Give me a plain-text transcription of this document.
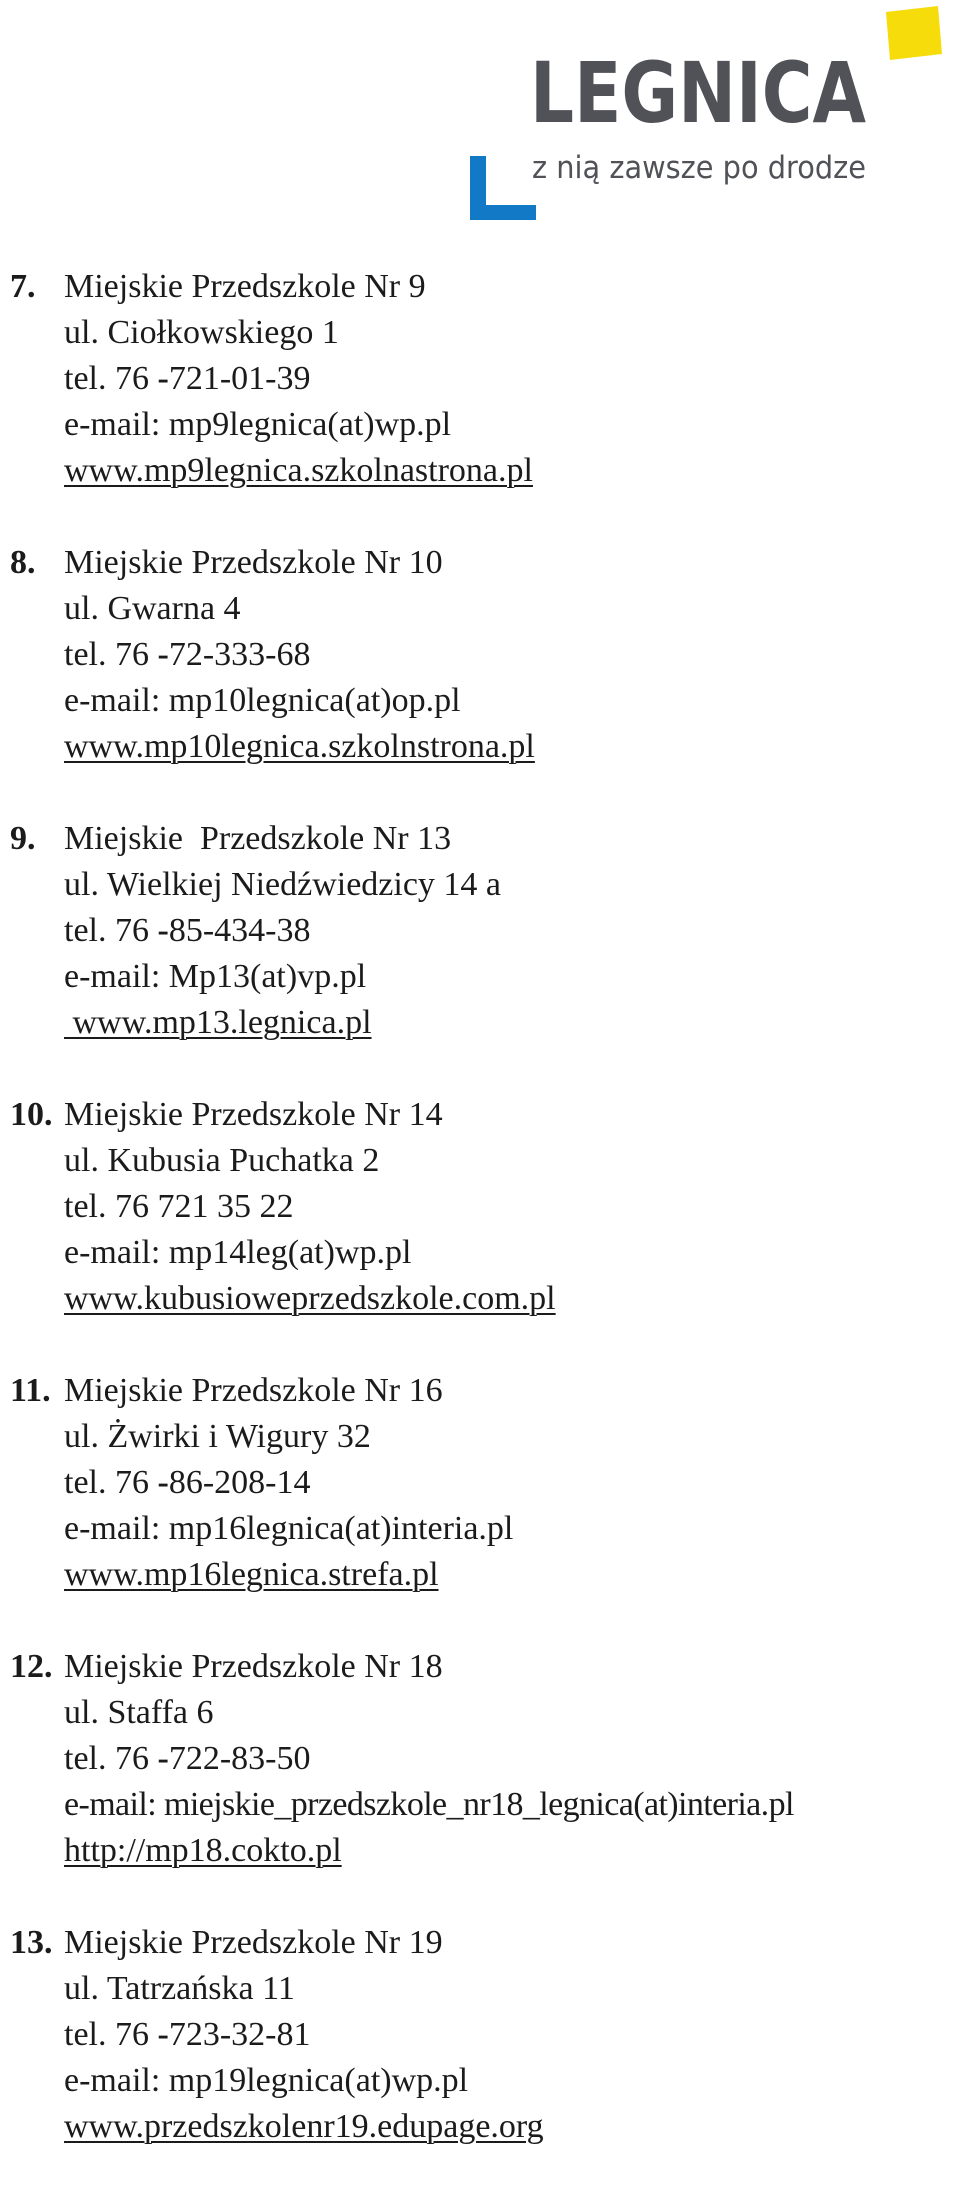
LEGNICA
z nią zawsze po drodze
7. Miejskie Przedszkole Nr 9
ul. Ciołkowskiego 1
tel. 76 -721-01-39
e-mail: mp9legnica(at)wp.pl
www.mp9legnica.szkolnastrona.pl
8. Miejskie Przedszkole Nr 10
ul. Gwarna 4
tel. 76 -72-333-68
e-mail: mp10legnica(at)op.pl
www.mp10legnica.szkolnstrona.pl
9. Miejskie  Przedszkole Nr 13
ul. Wielkiej Niedźwiedzicy 14 a
tel. 76 -85-434-38
e-mail: Mp13(at)vp.pl
www.mp13.legnica.pl
10. Miejskie Przedszkole Nr 14
ul. Kubusia Puchatka 2
tel. 76 721 35 22
e-mail: mp14leg(at)wp.pl
www.kubusioweprzedszkole.com.pl
11. Miejskie Przedszkole Nr 16
ul. Żwirki i Wigury 32
tel. 76 -86-208-14
e-mail: mp16legnica(at)interia.pl
www.mp16legnica.strefa.pl
12. Miejskie Przedszkole Nr 18
ul. Staffa 6
tel. 76 -722-83-50
e-mail: miejskie_przedszkole_nr18_legnica(at)interia.pl
http://mp18.cokto.pl
13. Miejskie Przedszkole Nr 19
ul. Tatrzańska 11
tel. 76 -723-32-81
e-mail: mp19legnica(at)wp.pl
www.przedszkolenr19.edupage.org
